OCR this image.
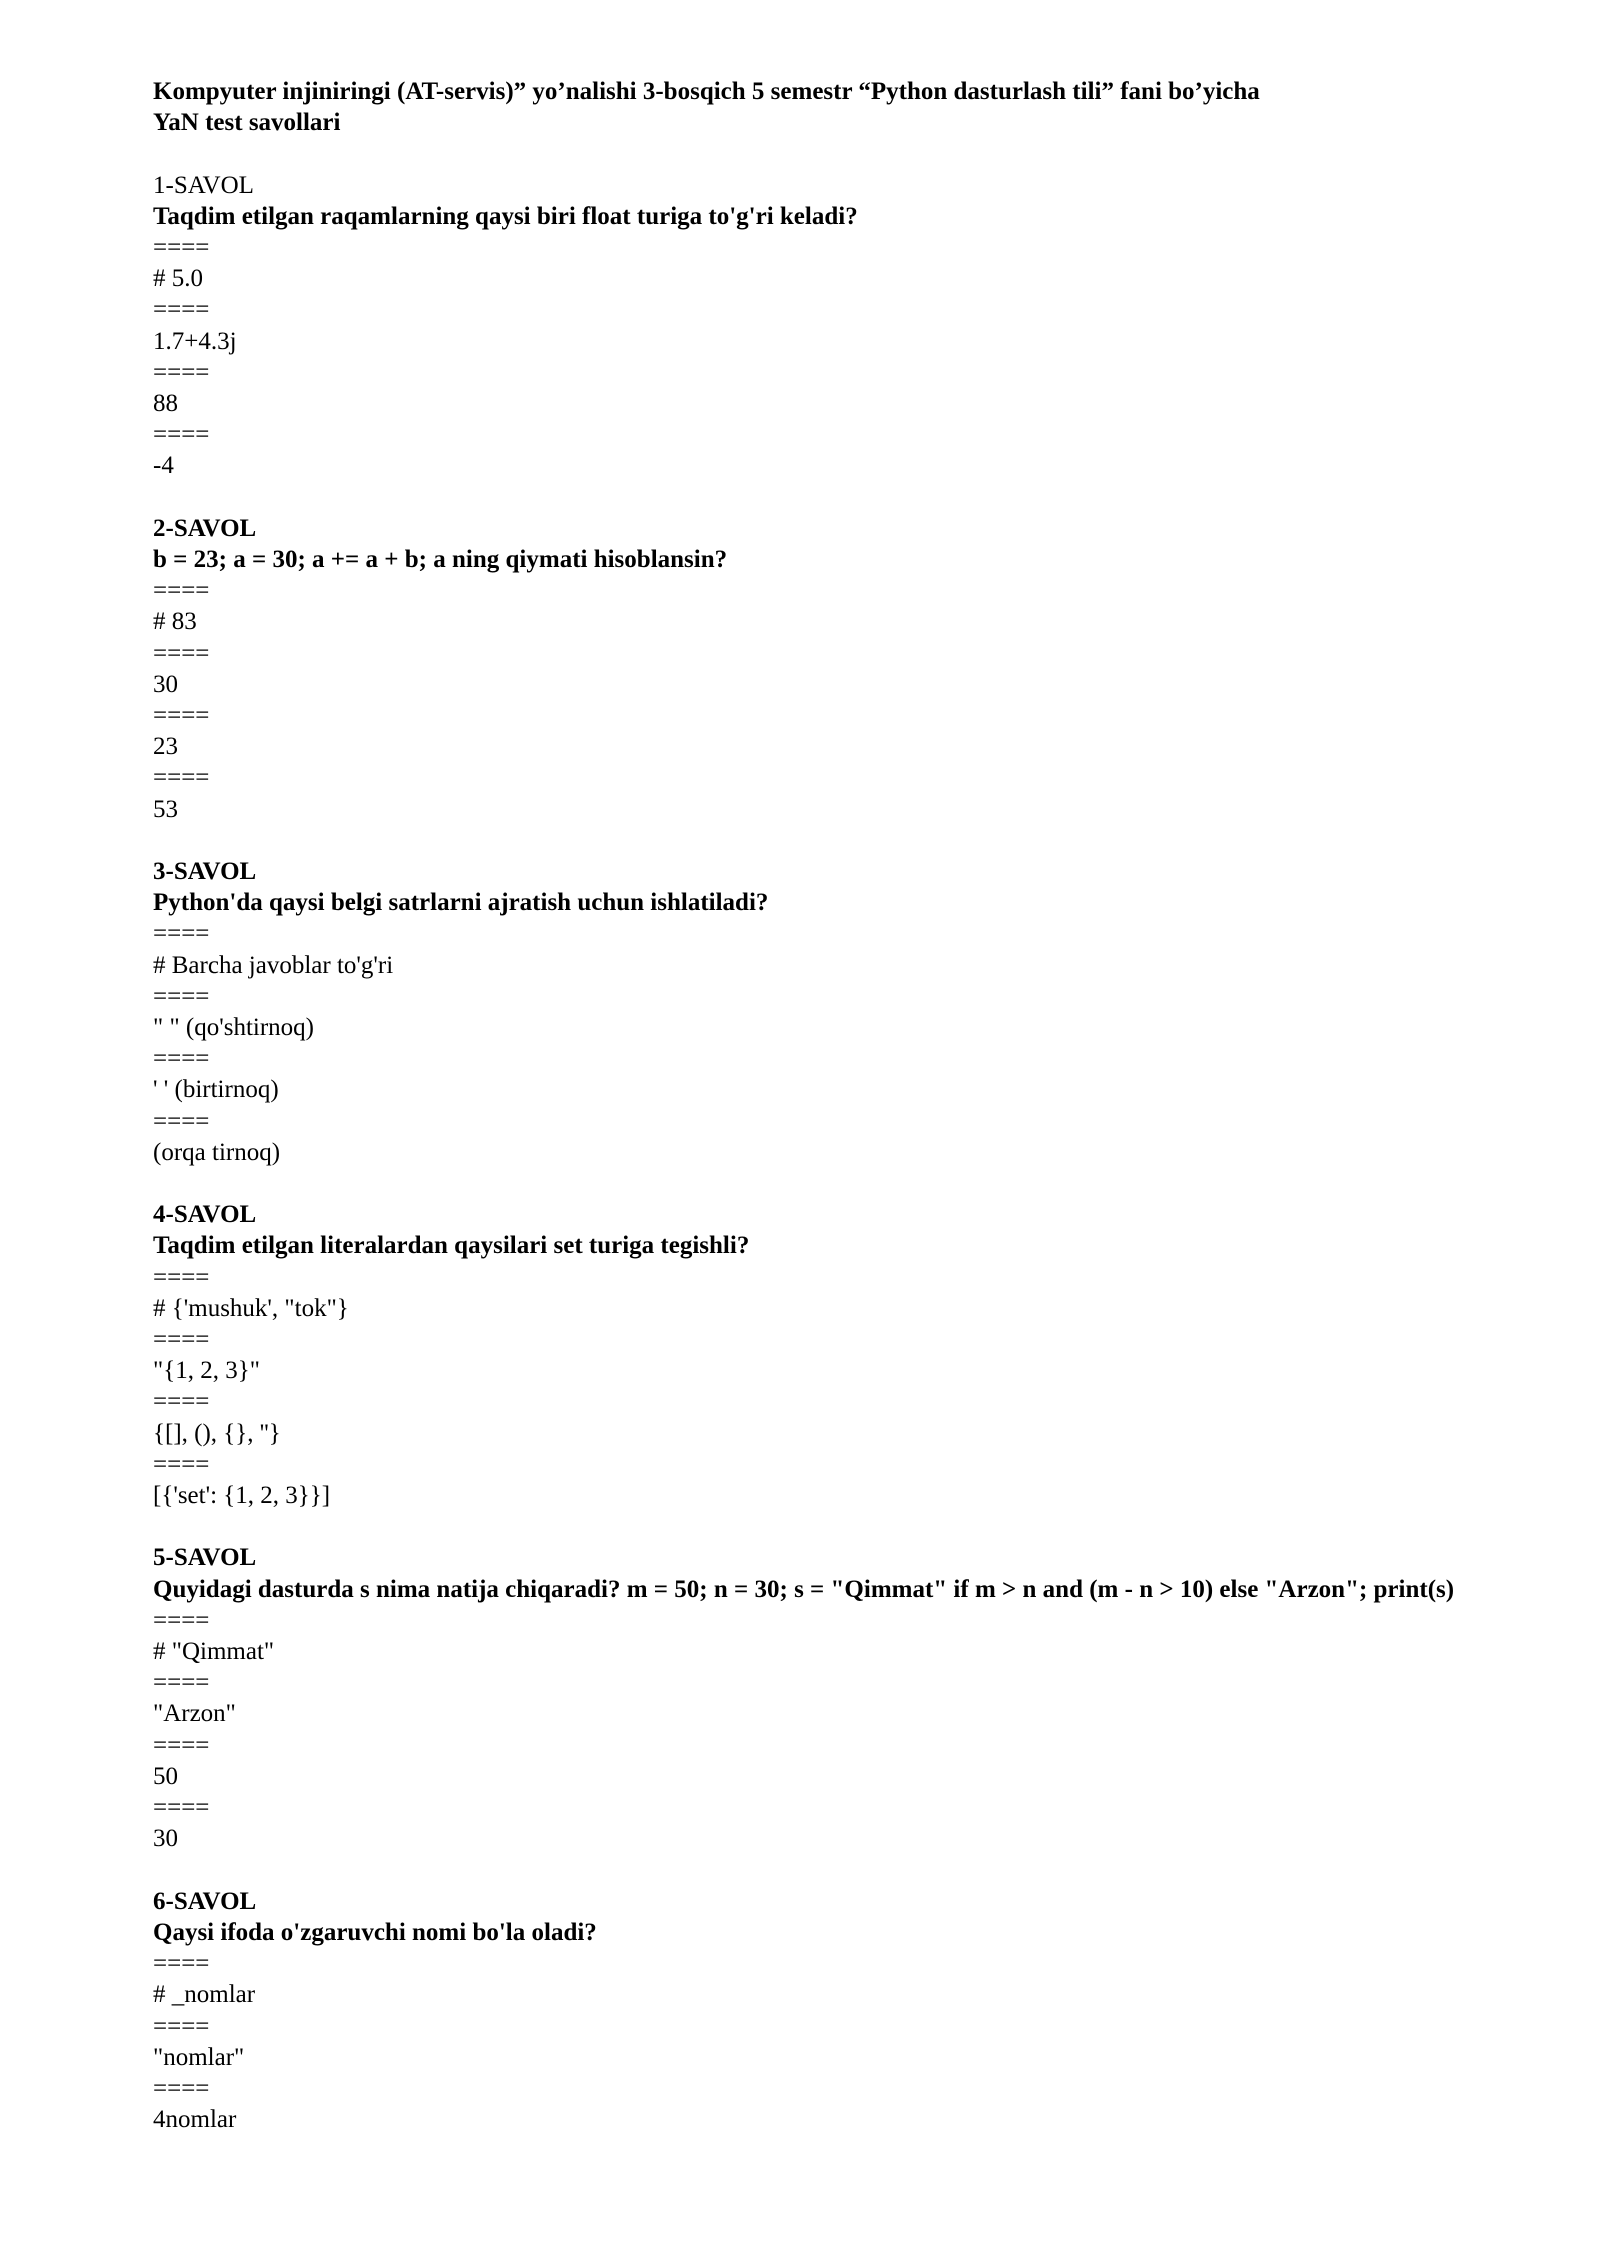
Kompyuter injiniringi (AT-servis)” yo’nalishi 3-bosqich 5 semestr “Python dasturlash tili” fani bo’yicha
YaN test savollari
1-SAVOL
Taqdim etilgan raqamlarning qaysi biri float turiga to'g'ri keladi?
====
# 5.0
====
1.7+4.3j
====
88
====
-4
2-SAVOL
b = 23; a = 30; a += a + b; a ning qiymati hisoblansin?
====
# 83
====
30
====
23
====
53
3-SAVOL
Python'da qaysi belgi satrlarni ajratish uchun ishlatiladi?
====
# Barcha javoblar to'g'ri
====
" " (qo'shtirnoq)
====
' ' (birtirnoq)
====
(orqa tirnoq)
4-SAVOL
Taqdim etilgan literalardan qaysilari set turiga tegishli?
====
# {'mushuk', "tok"}
====
"{1, 2, 3}"
====
{[], (), {}, ''}
====
[{'set': {1, 2, 3}}]
5-SAVOL
Quyidagi dasturda s nima natija chiqaradi? m = 50; n = 30; s = "Qimmat" if m > n and (m - n > 10) else "Arzon"; print(s)
====
# "Qimmat"
====
"Arzon"
====
50
====
30
6-SAVOL
Qaysi ifoda o'zgaruvchi nomi bo'la oladi?
====
# _nomlar
====
"nomlar"
====
4nomlar
